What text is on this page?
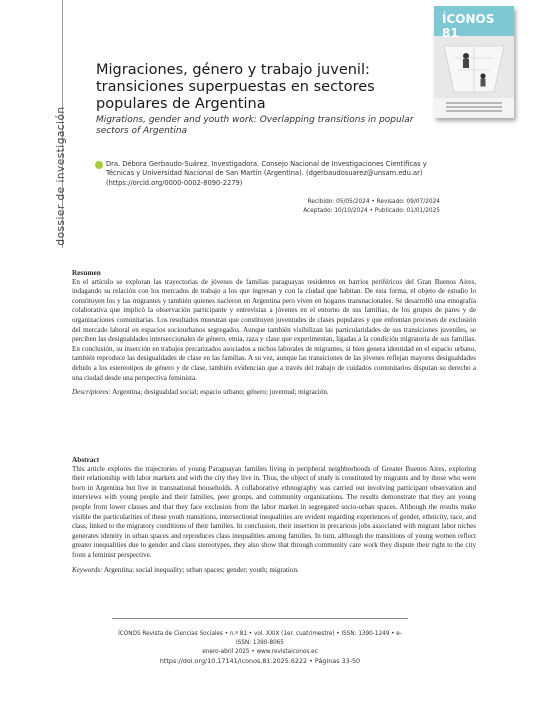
dossier de investigación
ÍCONOS 81
Migraciones, género y trabajo juvenil: transiciones superpuestas en sectores populares de Argentina
Migrations, gender and youth work: Overlapping transitions in popular sectors of Argentina
Dra. Débora Gerbaudo-Suárez. Investigadora. Consejo Nacional de Investigaciones Científicas y Técnicas y Universidad Nacional de San Martín (Argentina). (dgerbaudosuarez@unsam.edu.ar) (https://orcid.org/0000-0002-8090-2279)
Recibido: 05/05/2024 • Revisado: 09/07/2024
Aceptado: 10/10/2024 • Publicado: 01/01/2025
Resumen

En el artículo se exploran las trayectorias de jóvenes de familias paraguayas residentes en barrios periféricos del Gran Buenos Aires, indagando su relación con los mercados de trabajo a los que ingresan y con la ciudad que habitan. De esta forma, el objeto de estudio lo constituyen los y las migrantes y también quienes nacieron en Argentina pero viven en hogares transnacionales. Se desarrolló una etnografía colaborativa que implicó la observación participante y entrevistas a jóvenes en el entorno de sus familias, de los grupos de pares y de organizaciones comunitarias. Los resultados muestran que constituyen juventudes de clases populares y que enfrentan procesos de exclusión del mercado laboral en espacios sociourbanos segregados. Aunque también visibilizan las particularidades de sus transiciones juveniles, se perciben las desigualdades interseccionales de género, etnia, raza y clase que experimentan, ligadas a la condición migratoria de sus familias. En conclusión, su inserción en trabajos precarizados asociados a nichos laborales de migrantes, si bien genera identidad en el espacio urbano, también reproduce las desigualdades de clase en las familias. A su vez, aunque las transiciones de las jóvenes reflejan mayores desigualdades debido a los estereotipos de género y de clase, también evidencian que a través del trabajo de cuidados comunitarios disputan su derecho a una ciudad desde una perspectiva feminista.

Descriptores: Argentina; desigualdad social; espacio urbano; género; juventud; migración.

Abstract

This article explores the trajectories of young Paraguayan families living in peripheral neighborhoods of Greater Buenos Aires, exploring their relationship with labor markets and with the city they live in. Thus, the object of study is constituted by migrants and by those who were born in Argentina but live in transnational households. A collaborative ethnography was carried out involving participant observation and interviews with young people and their families, peer groups, and community organizations. The results demonstrate that they are young people from lower classes and that they face exclusion from the labor market in segregated socio-urban spaces. Although the results make visible the particularities of these youth transitions, intersectional inequalities are evident regarding experiences of gender, ethnicity, race, and class, linked to the migratory conditions of their families. In conclusion, their insertion in precarious jobs associated with migrant labor niches generates identity in urban spaces and reproduces class inequalities among families. In turn, although the transitions of young women reflect greater inequalities due to gender and class stereotypes, they also show that through community care work they dispute their right to the city from a feminist perspective.

Keywords: Argentina; social inequality; urban spaces; gender; youth; migration.

ÍCONOS Revista de Ciencias Sociales • n.º 81 • vol. XXIX (1er. cuatrimestre) • ISSN: 1390-1249 • e-ISSN: 1390-8065
enero-abril 2025 • www.revistaiconos.ec
https://doi.org/10.17141/iconos.81.2025.6222 • Páginas 33-50
